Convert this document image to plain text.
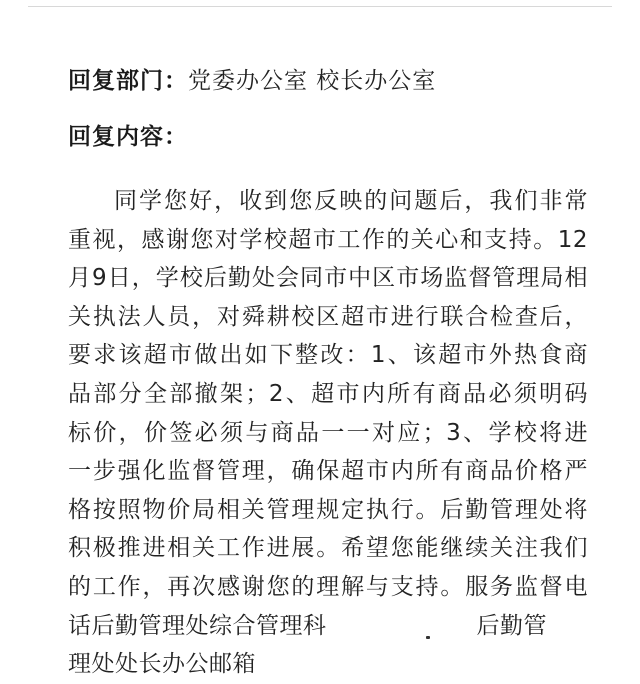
回复部门：党委办公室 校长办公室
回复内容：
同学您好，收到您反映的问题后，我们非常
重视，感谢您对学校超市工作的关心和支持。12
月9日，学校后勤处会同市中区市场监督管理局相
关执法人员，对舜耕校区超市进行联合检查后，
要求该超市做出如下整改：1、该超市外热食商
品部分全部撤架；2、超市内所有商品必须明码
标价，价签必须与商品一一对应；3、学校将进
一步强化监督管理，确保超市内所有商品价格严
格按照物价局相关管理规定执行。后勤管理处将
积极推进相关工作进展。希望您能继续关注我们
的工作，再次感谢您的理解与支持。服务监督电
话后勤管理处综合管理科	后勤管
理处处长办公邮箱
